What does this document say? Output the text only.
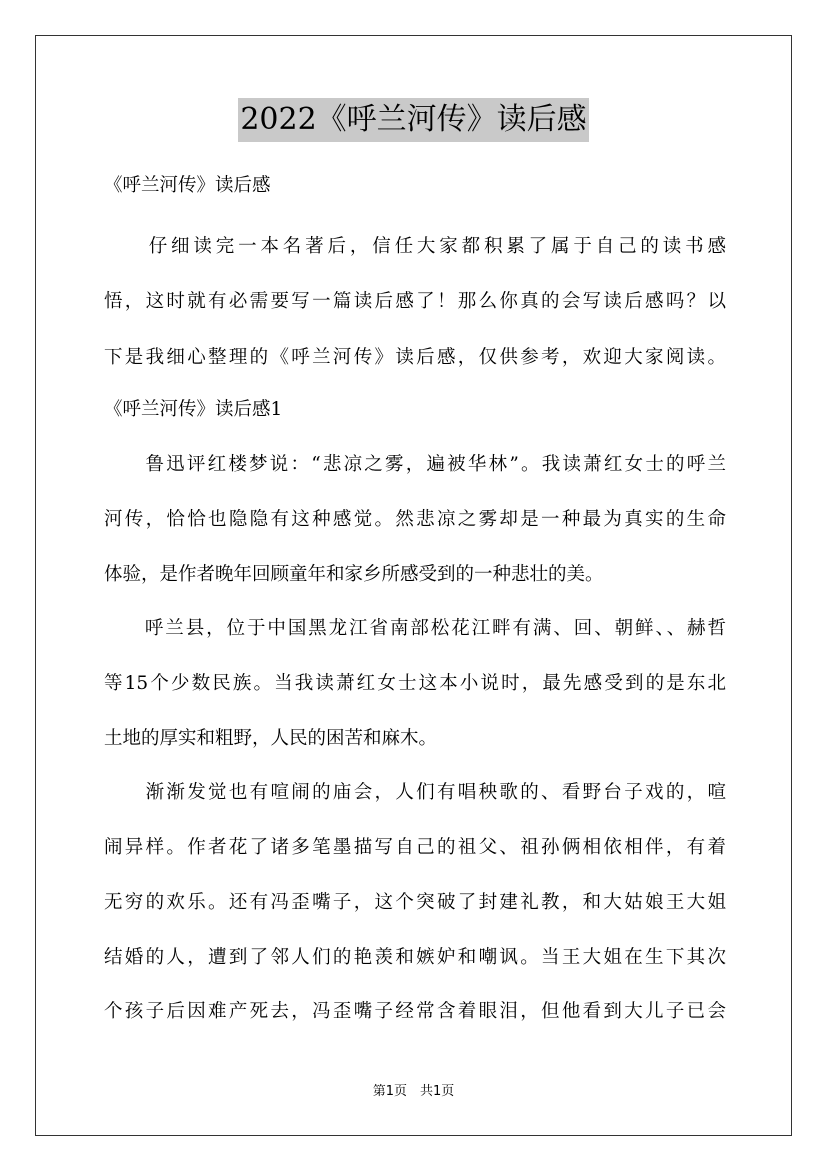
2022《呼兰河传》读后感
《呼兰河传》读后感
　　仔细读完一本名著后，信任大家都积累了属于自己的读书感
悟，这时就有必需要写一篇读后感了！那么你真的会写读后感吗？以
下是我细心整理的《呼兰河传》读后感，仅供参考，欢迎大家阅读。
《呼兰河传》读后感1
　　鲁迅评红楼梦说：“悲凉之雾，遍被华林”。我读萧红女士的呼兰
河传，恰恰也隐隐有这种感觉。然悲凉之雾却是一种最为真实的生命
体验，是作者晚年回顾童年和家乡所感受到的一种悲壮的美。
　　呼兰县，位于中国黑龙江省南部松花江畔有满、回、朝鲜、、赫哲
等15个少数民族。当我读萧红女士这本小说时，最先感受到的是东北
土地的厚实和粗野，人民的困苦和麻木。
　　渐渐发觉也有喧闹的庙会，人们有唱秧歌的、看野台子戏的，喧
闹异样。作者花了诸多笔墨描写自己的祖父、祖孙俩相依相伴，有着
无穷的欢乐。还有冯歪嘴子，这个突破了封建礼教，和大姑娘王大姐
结婚的人，遭到了邻人们的艳羡和嫉妒和嘲讽。当王大姐在生下其次
个孩子后因难产死去，冯歪嘴子经常含着眼泪，但他看到大儿子已会
第1页　共1页
